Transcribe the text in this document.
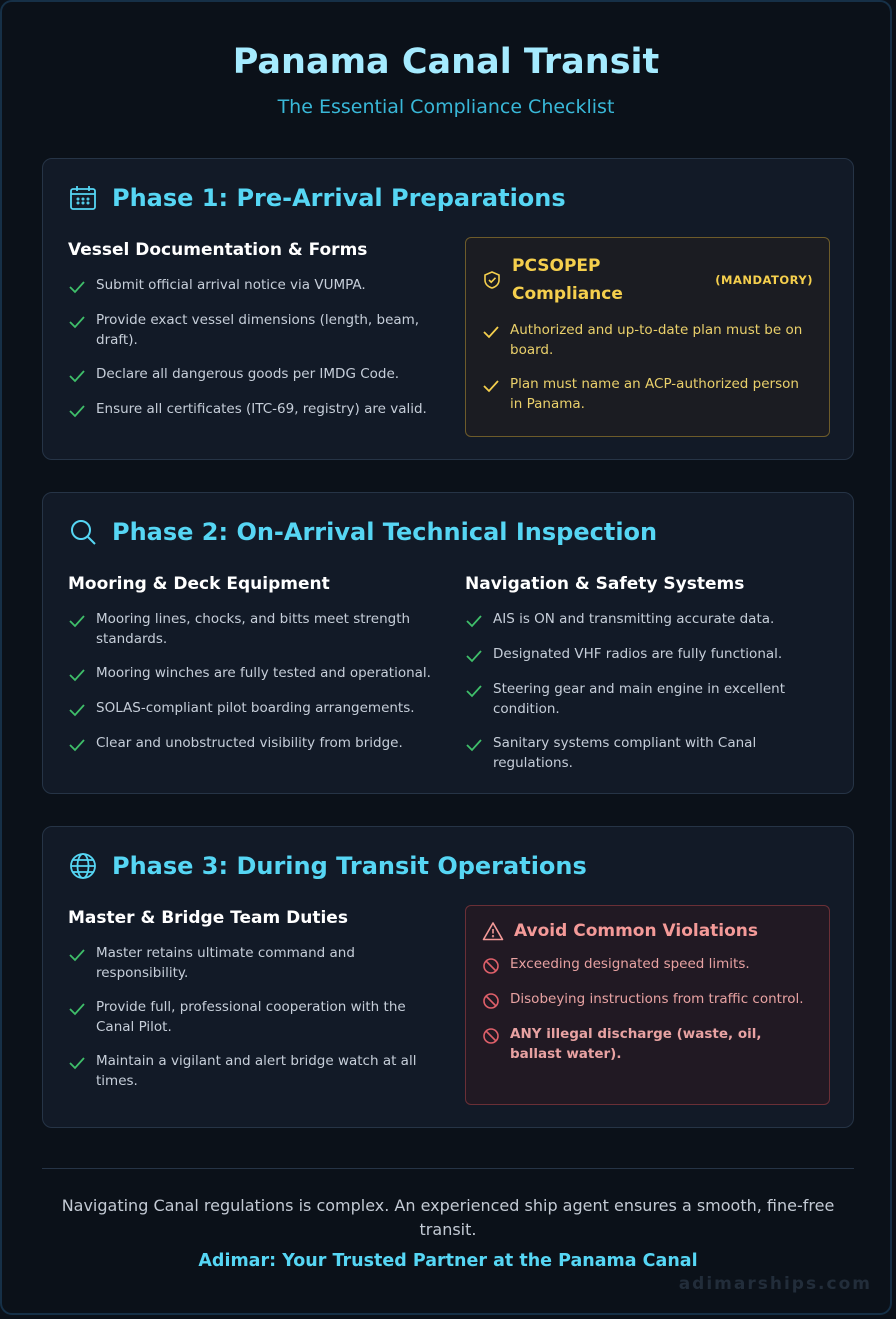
Panama Canal Transit
The Essential Compliance Checklist
Phase 1: Pre-Arrival Preparations
Vessel Documentation & Forms
Submit official arrival notice via VUMPA.
Provide exact vessel dimensions (length, beam, draft).
Declare all dangerous goods per IMDG Code.
Ensure all certificates (ITC-69, registry) are valid.
PCSOPEP Compliance
(MANDATORY)
Authorized and up-to-date plan must be on board.
Plan must name an ACP-authorized person in Panama.
Phase 2: On-Arrival Technical Inspection
Mooring & Deck Equipment
Mooring lines, chocks, and bitts meet strength standards.
Mooring winches are fully tested and operational.
SOLAS-compliant pilot boarding arrangements.
Clear and unobstructed visibility from bridge.
Navigation & Safety Systems
AIS is ON and transmitting accurate data.
Designated VHF radios are fully functional.
Steering gear and main engine in excellent condition.
Sanitary systems compliant with Canal regulations.
Phase 3: During Transit Operations
Master & Bridge Team Duties
Master retains ultimate command and responsibility.
Provide full, professional cooperation with the Canal Pilot.
Maintain a vigilant and alert bridge watch at all times.
Avoid Common Violations
Exceeding designated speed limits.
Disobeying instructions from traffic control.
ANY illegal discharge (waste, oil, ballast water).
Navigating Canal regulations is complex. An experienced ship agent ensures a smooth, fine-free transit.
Adimar: Your Trusted Partner at the Panama Canal
adimarships.com
